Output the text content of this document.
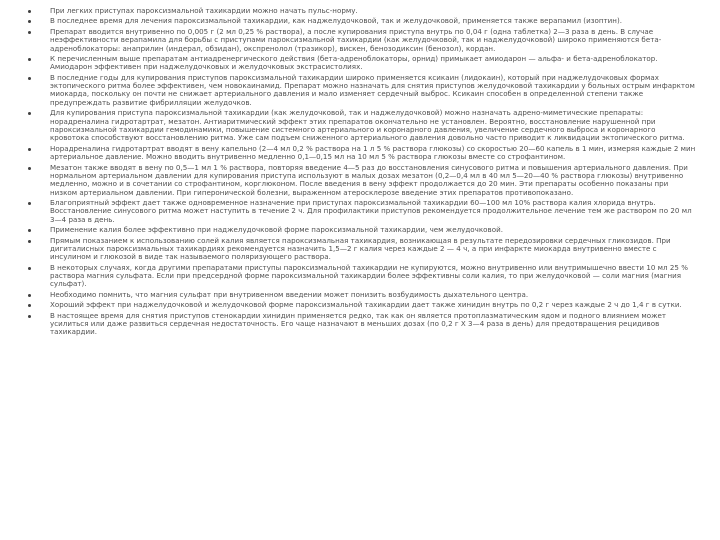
При легких приступах пароксизмальной тахикардии можно начать пульс-норму.
В последнее время для лечения пароксизмальной тахикардии, как наджелудочковой, так и желудочковой, применяется также верапамил (изоптин).
Препарат вводится внутривенно по 0,005 г (2 мл 0,25 % раствора), а после купирования приступа внутрь по 0,04 г (одна таблетка) 2—3 раза в день. В случае неэффективности верапамила для борьбы с приступами пароксизмальной тахикардии (как желудочковой, так и наджелудочковой) широко применяются бета-адреноблокаторы: анаприлин (индерал, обзидан), окспренолол (тразикор), вискен, бенозодиксин (бенозол), кордан.
К перечисленным выше препаратам антиадренергического действия (бета-адреноблокаторы, орнид) примыкает амиодарон — альфа- и бета-адреноблокатор. Амиодарон эффективен при наджелудочковых и желудочковых экстрасистолиях.
В последние годы для купирования приступов пароксизмальной тахикардии широко применяется ксикаин (лидокаин), который при наджелудочковых формах эктопического ритма более эффективен, чем новокаинамид. Препарат можно назначать для снятия приступов желудочковой тахикардии у больных острым инфарктом миокарда, поскольку он почти не снижает артериального давления и мало изменяет сердечный выброс. Ксикаин способен в определенной степени также предупреждать развитие фибрилляции желудочков.
Для купирования приступа пароксизмальной тахикардии (как желудочковой, так и наджелудочковой) можно назначать адрено-миметические препараты: норадреналина гидротартрат, мезатон. Антиаритмический эффект этих препаратов окончательно не установлен. Вероятно, восстановление нарушенной при пароксизмальной тахикардии гемодинамики, повышение системного артериального и коронарного давления, увеличение сердечного выброса и коронарного кровотока способствуют восстановлению ритма. Уже сам подъем сниженного артериального давления довольно часто приводит к ликвидации эктопического ритма.
Норадреналина гидротартрат вводят в вену капельно (2—4 мл 0,2 % раствора на 1 л 5 % раствора глюкозы) со скоростью 20—60 капель в 1 мин, измеряя каждые 2 мин артериальное давление. Можно вводить внутривенно медленно 0,1—0,15 мл на 10 мл 5 % раствора глюкозы вместе со строфантином.
Мезатон также вводят в вену по 0,5—1 мл 1 % раствора, повторяя введение 4—5 раз до восстановления синусового ритма и повышения артериального давления. При нормальном артериальном давлении для купирования приступа используют в малых дозах мезатон (0,2—0,4 мл в 40 мл 5—20—40 % раствора глюкозы) внутривенно медленно, можно и в сочетании со строфантином, корглюконом. После введения в вену эффект продолжается до 20 мин. Эти препараты особенно показаны при низком артериальном давлении. При гиперонической болезни, выраженном атеросклерозе введение этих препаратов противопоказано.
Благоприятный эффект дает также одновременное назначение при приступах пароксизмальной тахикардии 60—100 мл 10% раствора калия хлорида внутрь. Восстановление синусового ритма может наступить в течение 2 ч. Для профилактики приступов рекомендуется продолжительное лечение тем же раствором по 20 мл 3—4 раза в день.
Применение калия более эффективно при наджелудочковой форме пароксизмальной тахикардии, чем желудочковой.
Прямым показанием к использованию солей калия является пароксизмальная тахикардия, возникающая в результате передозировки сердечных гликозидов. При дигиталисных пароксизмальных тахикардиях рекомендуется назначить 1,5—2 г калия через каждые 2 — 4 ч, а при инфаркте миокарда внутривенно вместе с инсулином и глюкозой в виде так называемого поляризующего раствора.
В некоторых случаях, когда другими препаратами приступы пароксизмальной тахикардии не купируются, можно внутривенно или внутримышечно ввести 10 мл 25 % раствора магния сульфата. Если при предсердной форме пароксизмальной тахикардии более эффективны соли калия, то при желудочковой — соли магния (магния сульфат).
Необходимо помнить, что магния сульфат при внутривенном введении может понизить возбудимость дыхательного центра.
Хороший эффект при наджелудочковой и желудочковой форме пароксизмальной тахикардии дает также хинидин внутрь по 0,2 г через каждые 2 ч до 1,4 г в сутки.
В настоящее время для снятия приступов стенокардии хинидин применяется редко, так как он является протоплазматическим ядом и подного влиянием может усилиться или даже развиться сердечная недостаточность. Его чаще назначают в меньших дозах (по 0,2 г Х 3—4 раза в день) для предотвращения рецидивов тахикардии.
